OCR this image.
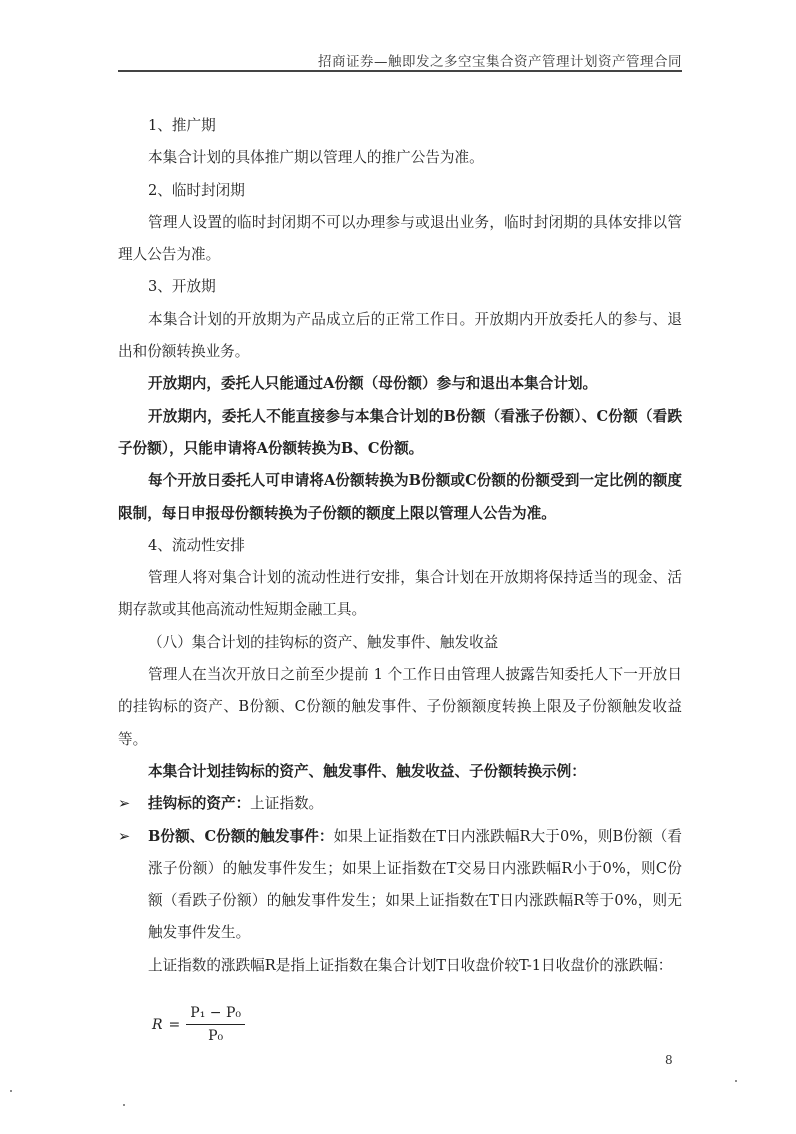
招商证券—触即发之多空宝集合资产管理计划资产管理合同

1、推广期

本集合计划的具体推广期以管理人的推广公告为准。

2、临时封闭期

管理人设置的临时封闭期不可以办理参与或退出业务，临时封闭期的具体安排以管理人公告为准。

3、开放期

本集合计划的开放期为产品成立后的正常工作日。开放期内开放委托人的参与、退出和份额转换业务。

开放期内，委托人只能通过A份额（母份额）参与和退出本集合计划。

开放期内，委托人不能直接参与本集合计划的B份额（看涨子份额）、C份额（看跌子份额），只能申请将A份额转换为B、C份额。

每个开放日委托人可申请将A份额转换为B份额或C份额的份额受到一定比例的额度限制，每日申报母份额转换为子份额的额度上限以管理人公告为准。

4、流动性安排

管理人将对集合计划的流动性进行安排，集合计划在开放期将保持适当的现金、活期存款或其他高流动性短期金融工具。

（八）集合计划的挂钩标的资产、触发事件、触发收益

管理人在当次开放日之前至少提前 1 个工作日由管理人披露告知委托人下一开放日的挂钩标的资产、B份额、C份额的触发事件、子份额额度转换上限及子份额触发收益等。

本集合计划挂钩标的资产、触发事件、触发收益、子份额转换示例：

➢	挂钩标的资产：上证指数。

➢	B份额、C份额的触发事件：如果上证指数在T日内涨跌幅R大于0%，则B份额（看涨子份额）的触发事件发生；如果上证指数在T交易日内涨跌幅R小于0%，则C份额（看跌子份额）的触发事件发生；如果上证指数在T日内涨跌幅R等于0%，则无触发事件发生。

上证指数的涨跌幅R是指上证指数在集合计划T日收盘价较T-1日收盘价的涨跌幅：

$R = \frac{\text{P₁ − P₀}}{\text{P₀}}$
8
